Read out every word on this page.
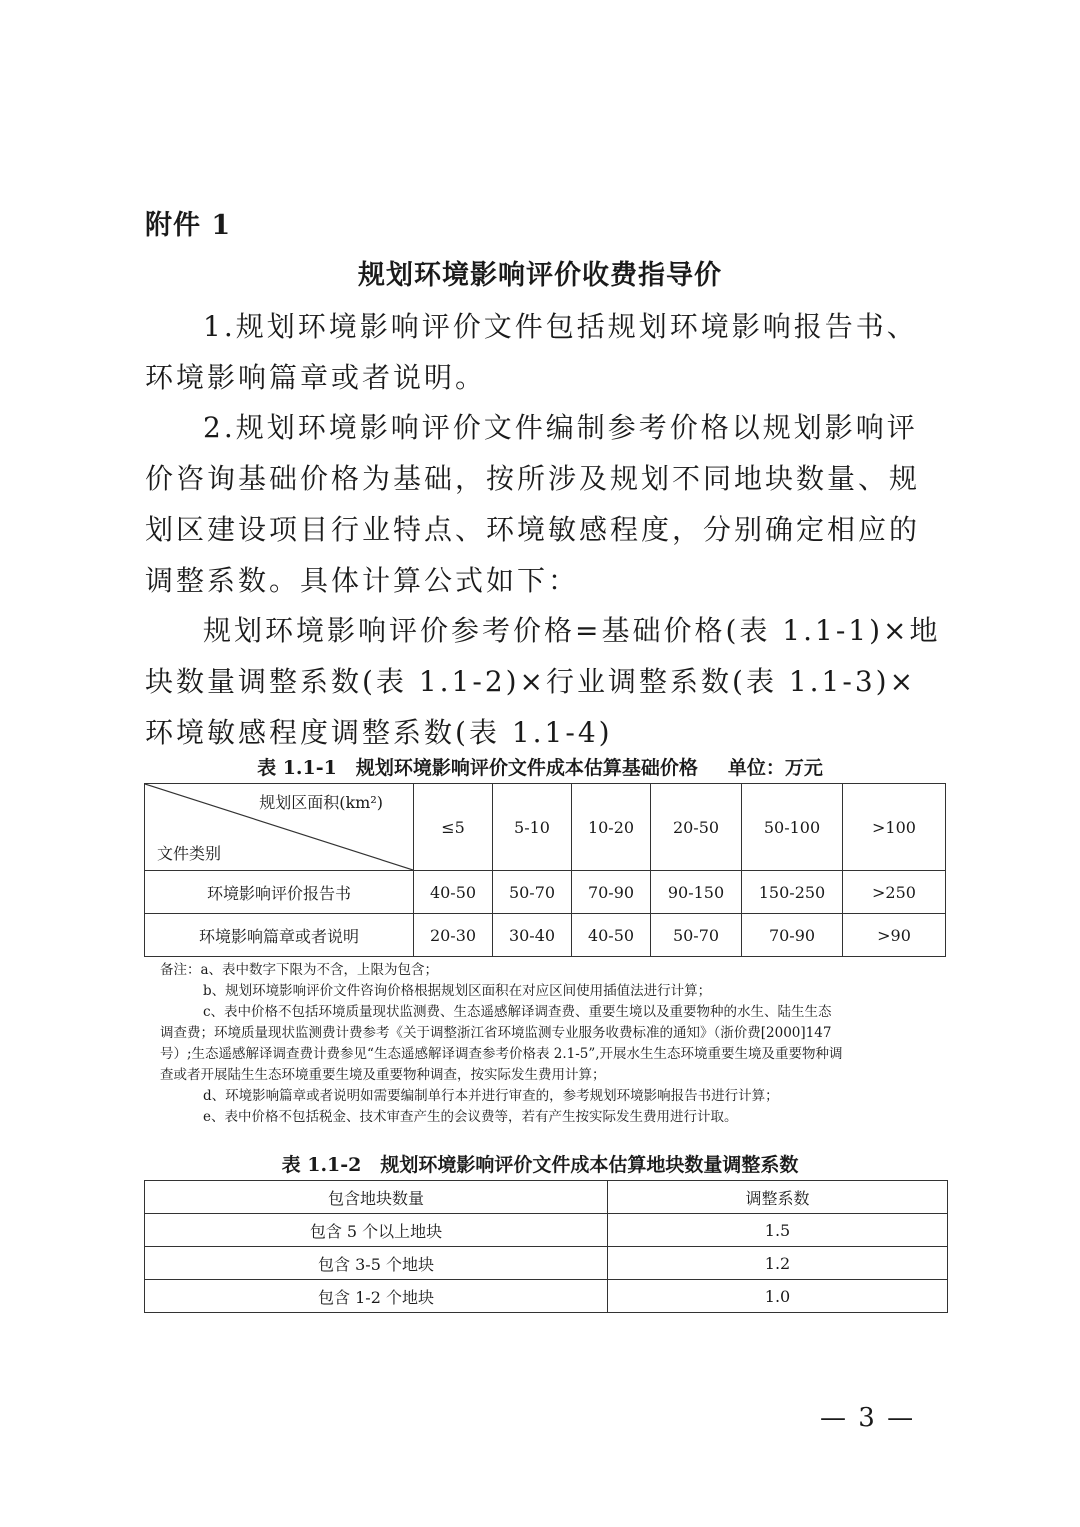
附件 1
规划环境影响评价收费指导价

1.规划环境影响评价文件包括规划环境影响报告书、环境影响篇章或者说明。

2.规划环境影响评价文件编制参考价格以规划影响评价咨询基础价格为基础，按所涉及规划不同地块数量、规划区建设项目行业特点、环境敏感程度，分别确定相应的调整系数。具体计算公式如下：

规划环境影响评价参考价格=基础价格(表 1.1-1)×地块数量调整系数(表 1.1-2)×行业调整系数(表 1.1-3)×环境敏感程度调整系数(表 1.1-4)

表 1.1-1　规划环境影响评价文件成本估算基础价格 单位：万元
规划区面积(km²)
文件类别	≤5	5-10	10-20	20-50	50-100	>100
环境影响评价报告书	40-50	50-70	70-90	90-150	150-250	>250
环境影响篇章或者说明	20-30	30-40	40-50	50-70	70-90	>90

备注：a、表中数字下限为不含，上限为包含；

b、规划环境影响评价文件咨询价格根据规划区面积在对应区间使用插值法进行计算；

c、表中价格不包括环境质量现状监测费、生态遥感解译调查费、重要生境以及重要物种的水生、陆生生态

调查费；环境质量现状监测费计费参考《关于调整浙江省环境监测专业服务收费标准的通知》（浙价费[2000]147

号）;生态遥感解译调查费计费参见“生态遥感解译调查参考价格表 2.1-5”,开展水生生态环境重要生境及重要物种调

查或者开展陆生生态环境重要生境及重要物种调查，按实际发生费用计算；

d、环境影响篇章或者说明如需要编制单行本并进行审查的，参考规划环境影响报告书进行计算；

e、表中价格不包括税金、技术审查产生的会议费等，若有产生按实际发生费用进行计取。

表 1.1-2　规划环境影响评价文件成本估算地块数量调整系数
包含地块数量	调整系数
包含 5 个以上地块	1.5
包含 3-5 个地块	1.2
包含 1-2 个地块	1.0
— 3 —
